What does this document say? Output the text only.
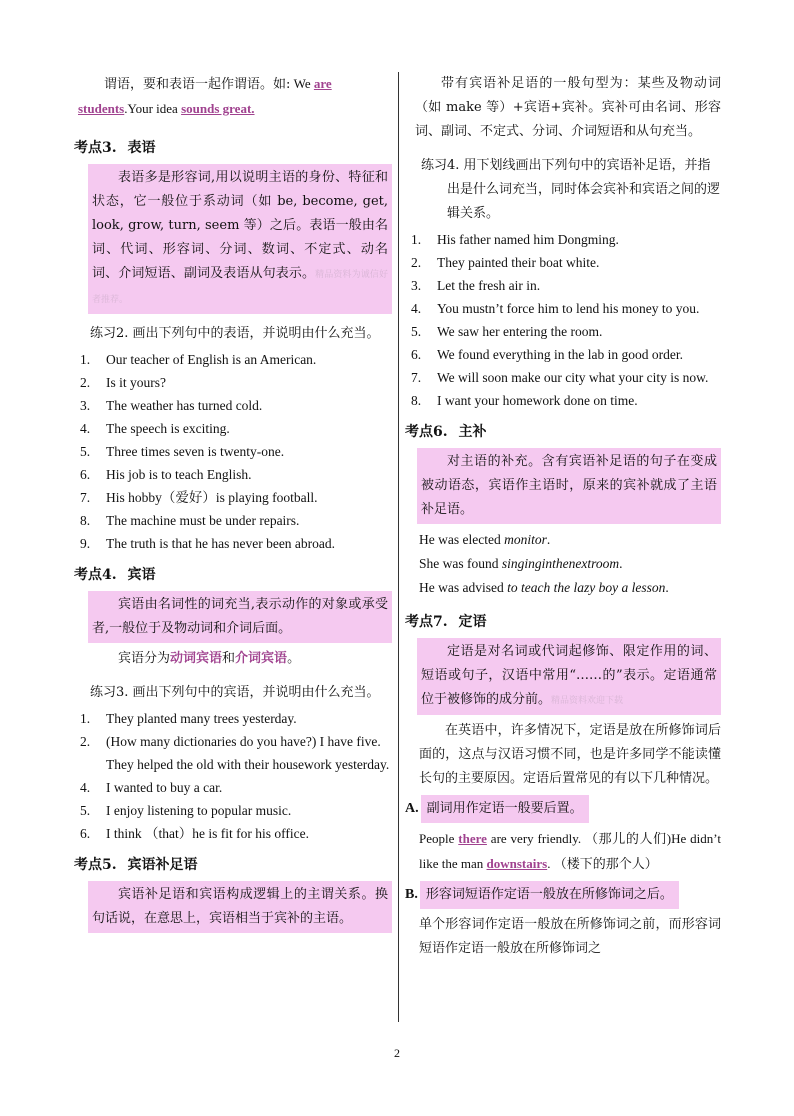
谓语，要和表语一起作谓语。如: We are
students.Your idea sounds great.

考点3. 表语

表语多是形容词,用以说明主语的身份、特征和状态，它一般位于系动词（如 be, become, get, look, grow, turn, seem 等）之后。表语一般由名词、代词、形容词、分词、数词、不定式、动名词、介词短语、副词及表语从句表示。精品资料为诚信好者推荐。

练习2. 画出下列句中的表语，并说明由什么充当。
1.	Our teacher of English is an American.
2.	Is it yours?
3.	The weather has turned cold.
4.	The speech is exciting.
5.	Three times seven is twenty-one.
6.	His job is to teach English.
7.	His hobby（爱好）is playing football.
8.	The machine must be under repairs.
9.	The truth is that he has never been abroad.
考点4. 宾语

宾语由名词性的词充当,表示动作的对象或承受者,一般位于及物动词和介词后面。

宾语分为动词宾语和介词宾语。

练习3. 画出下列句中的宾语，并说明由什么充当。
1.	They planted many trees yesterday.
2.	(How many dictionaries do you have?) I have five.
They helped the old with their housework yesterday.
4.	I wanted to buy a car.
5.	I enjoy listening to popular music.
6.	I think （that）he is fit for his office.
考点5. 宾语补足语

宾语补足语和宾语构成逻辑上的主谓关系。换句话说，在意思上，宾语相当于宾补的主语。

带有宾语补足语的一般句型为：某些及物动词（如 make 等）+宾语+宾补。宾补可由名词、形容词、副词、不定式、分词、介词短语和从句充当。

练习4. 用下划线画出下列句中的宾语补足语，并指出是什么词充当，同时体会宾补和宾语之间的逻辑关系。
1.	His father named him Dongming.
2.	They painted their boat white.
3.	Let the fresh air in.
4.	You mustn’t force him to lend his money to you.
5.	We saw her entering the room.
6.	We found everything in the lab in good order.
7.	We will soon make our city what your city is now.
8.	I want your homework done on time.
考点6. 主补

对主语的补充。含有宾语补足语的句子在变成被动语态，宾语作主语时，原来的宾补就成了主语补足语。

He was elected monitor.

She was found singinginthenextroom.

He was advised to teach the lazy boy a lesson.

考点7. 定语

定语是对名词或代词起修饰、限定作用的词、短语或句子，汉语中常用“……的”表示。定语通常位于被修饰的成分前。精品资料欢迎下载

在英语中，许多情况下，定语是放在所修饰词后面的，这点与汉语习惯不同，也是许多同学不能读懂长句的主要原因。定语后置常见的有以下几种情况。

A. 副词用作定语一般要后置。

People there are very friendly. （那儿的人们)He didn’t like the man downstairs. （楼下的那个人）

B. 形容词短语作定语一般放在所修饰词之后。

单个形容词作定语一般放在所修饰词之前，而形容词短语作定语一般放在所修饰词之

2
